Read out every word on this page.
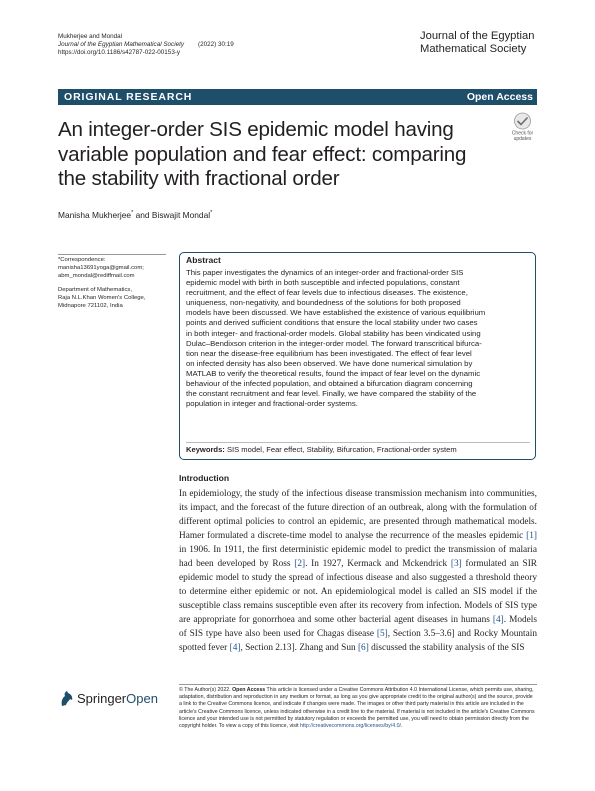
Mukherjee and Mondal
Journal of the Egyptian Mathematical Society (2022) 30:19
https://doi.org/10.1186/s42787-022-00153-y
Journal of the Egyptian
Mathematical Society
ORIGINAL RESEARCH	Open Access
An integer-order SIS epidemic model having
variable population and fear effect: comparing
the stability with fractional order
Check for
updates
Manisha Mukherjee* and Biswajit Mondal*
*Correspondence:
manisha13691yoga@gmail.com;
abm_mondal@rediffmail.com
Department of Mathematics,
Raja N.L.Khan Women's College,
Midnapore 721102, India
Abstract
This paper investigates the dynamics of an integer-order and fractional-order SIS
epidemic model with birth in both susceptible and infected populations, constant
recruitment, and the effect of fear levels due to infectious diseases. The existence,
uniqueness, non-negativity, and boundedness of the solutions for both proposed
models have been discussed. We have established the existence of various equilibrium
points and derived sufficient conditions that ensure the local stability under two cases
in both integer- and fractional-order models. Global stability has been vindicated using
Dulac–Bendixson criterion in the integer-order model. The forward transcritical bifurca-
tion near the disease-free equilibrium has been investigated. The effect of fear level
on infected density has also been observed. We have done numerical simulation by
MATLAB to verify the theoretical results, found the impact of fear level on the dynamic
behaviour of the infected population, and obtained a bifurcation diagram concerning
the constant recruitment and fear level. Finally, we have compared the stability of the
population in integer and fractional-order systems.
Keywords: SIS model, Fear effect, Stability, Bifurcation, Fractional-order system
Introduction
In epidemiology, the study of the infectious disease transmission mechanism into communities, its impact, and the forecast of the future direction of an outbreak, along with the formulation of different optimal policies to control an epidemic, are presented through mathematical models. Hamer formulated a discrete-time model to analyse the recurrence of the measles epidemic [1] in 1906. In 1911, the first deterministic epidemic model to predict the transmission of malaria had been developed by Ross [2]. In 1927, Kermack and Mckendrick [3] formulated an SIR epidemic model to study the spread of infectious disease and also suggested a threshold theory to determine either epidemic or not. An epidemiological model is called an SIS model if the susceptible class remains susceptible even after its recovery from infection. Models of SIS type are appropriate for gonorrhoea and some other bacterial agent diseases in humans [4]. Models of SIS type have also been used for Chagas disease [5], Section 3.5–3.6] and Rocky Mountain spotted fever [4], Section 2.13]. Zhang and Sun [6] discussed the stability analysis of the SIS
SpringerOpen
© The Author(s) 2022. Open Access This article is licensed under a Creative Commons Attribution 4.0 International License, which permits use, sharing, adaptation, distribution and reproduction in any medium or format, as long as you give appropriate credit to the original author(s) and the source, provide a link to the Creative Commons licence, and indicate if changes were made. The images or other third party material in this article are included in the article's Creative Commons licence, unless indicated otherwise in a credit line to the material. If material is not included in the article's Creative Commons licence and your intended use is not permitted by statutory regulation or exceeds the permitted use, you will need to obtain permission directly from the copyright holder. To view a copy of this licence, visit http://creativecommons.org/licenses/by/4.0/.
